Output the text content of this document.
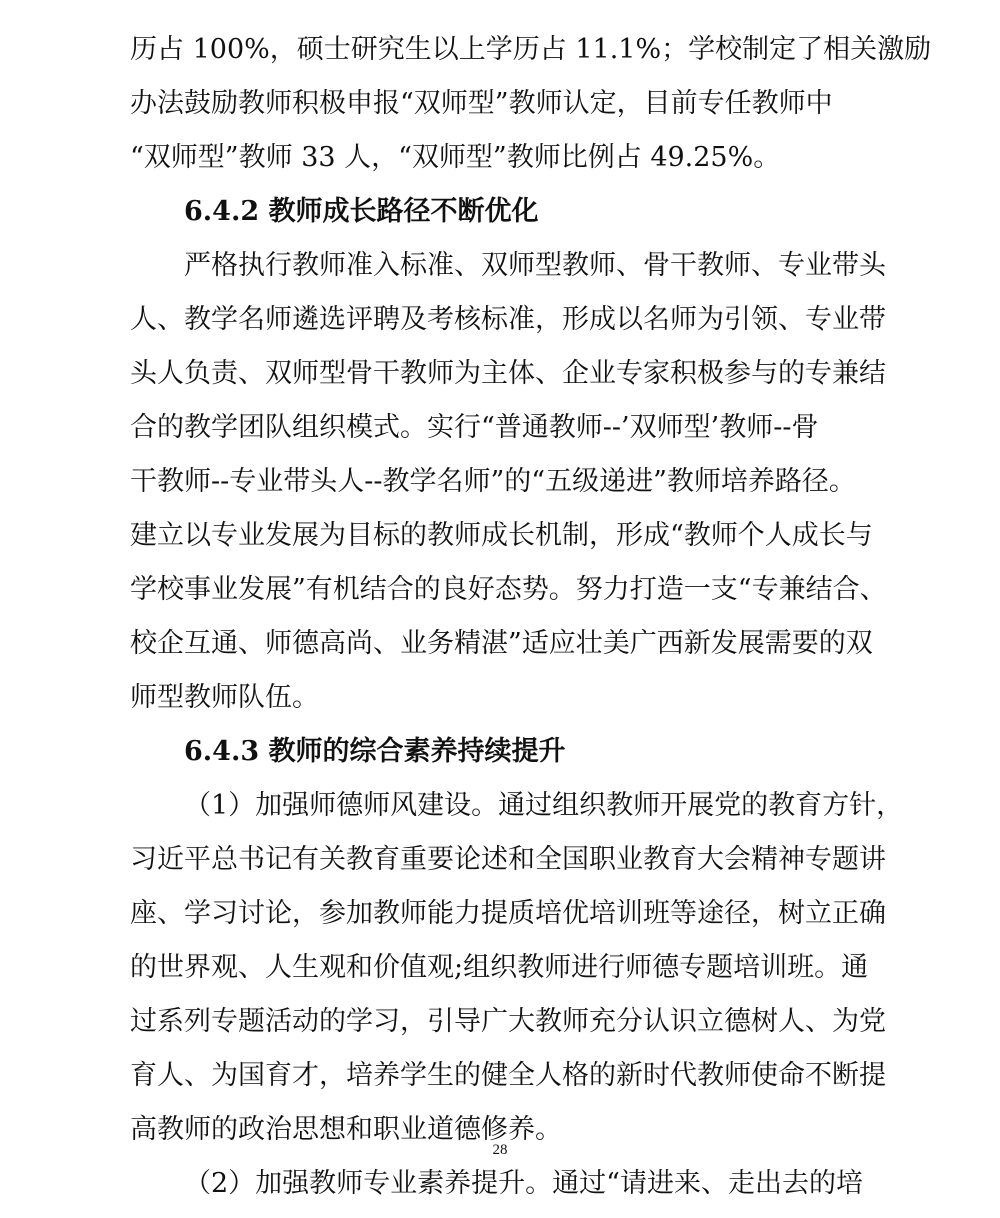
历占 100%，硕士研究生以上学历占 11.1%；学校制定了相关激励
办法鼓励教师积极申报“双师型”教师认定，目前专任教师中
“双师型”教师 33 人，“双师型”教师比例占 49.25%。
6.4.2 教师成长路径不断优化
严格执行教师准入标准、双师型教师、骨干教师、专业带头
人、教学名师遴选评聘及考核标准，形成以名师为引领、专业带
头人负责、双师型骨干教师为主体、企业专家积极参与的专兼结
合的教学团队组织模式。实行“普通教师--’双师型’教师--骨
干教师--专业带头人--教学名师”的“五级递进”教师培养路径。
建立以专业发展为目标的教师成长机制，形成“教师个人成长与
学校事业发展”有机结合的良好态势。努力打造一支“专兼结合、
校企互通、师德高尚、业务精湛”适应壮美广西新发展需要的双
师型教师队伍。
6.4.3 教师的综合素养持续提升
（1）加强师德师风建设。通过组织教师开展党的教育方针，
习近平总书记有关教育重要论述和全国职业教育大会精神专题讲
座、学习讨论，参加教师能力提质培优培训班等途径，树立正确
的世界观、人生观和价值观;组织教师进行师德专题培训班。通
过系列专题活动的学习，引导广大教师充分认识立德树人、为党
育人、为国育才，培养学生的健全人格的新时代教师使命不断提
高教师的政治思想和职业道德修养。
（2）加强教师专业素养提升。通过“请进来、走出去的培
28
